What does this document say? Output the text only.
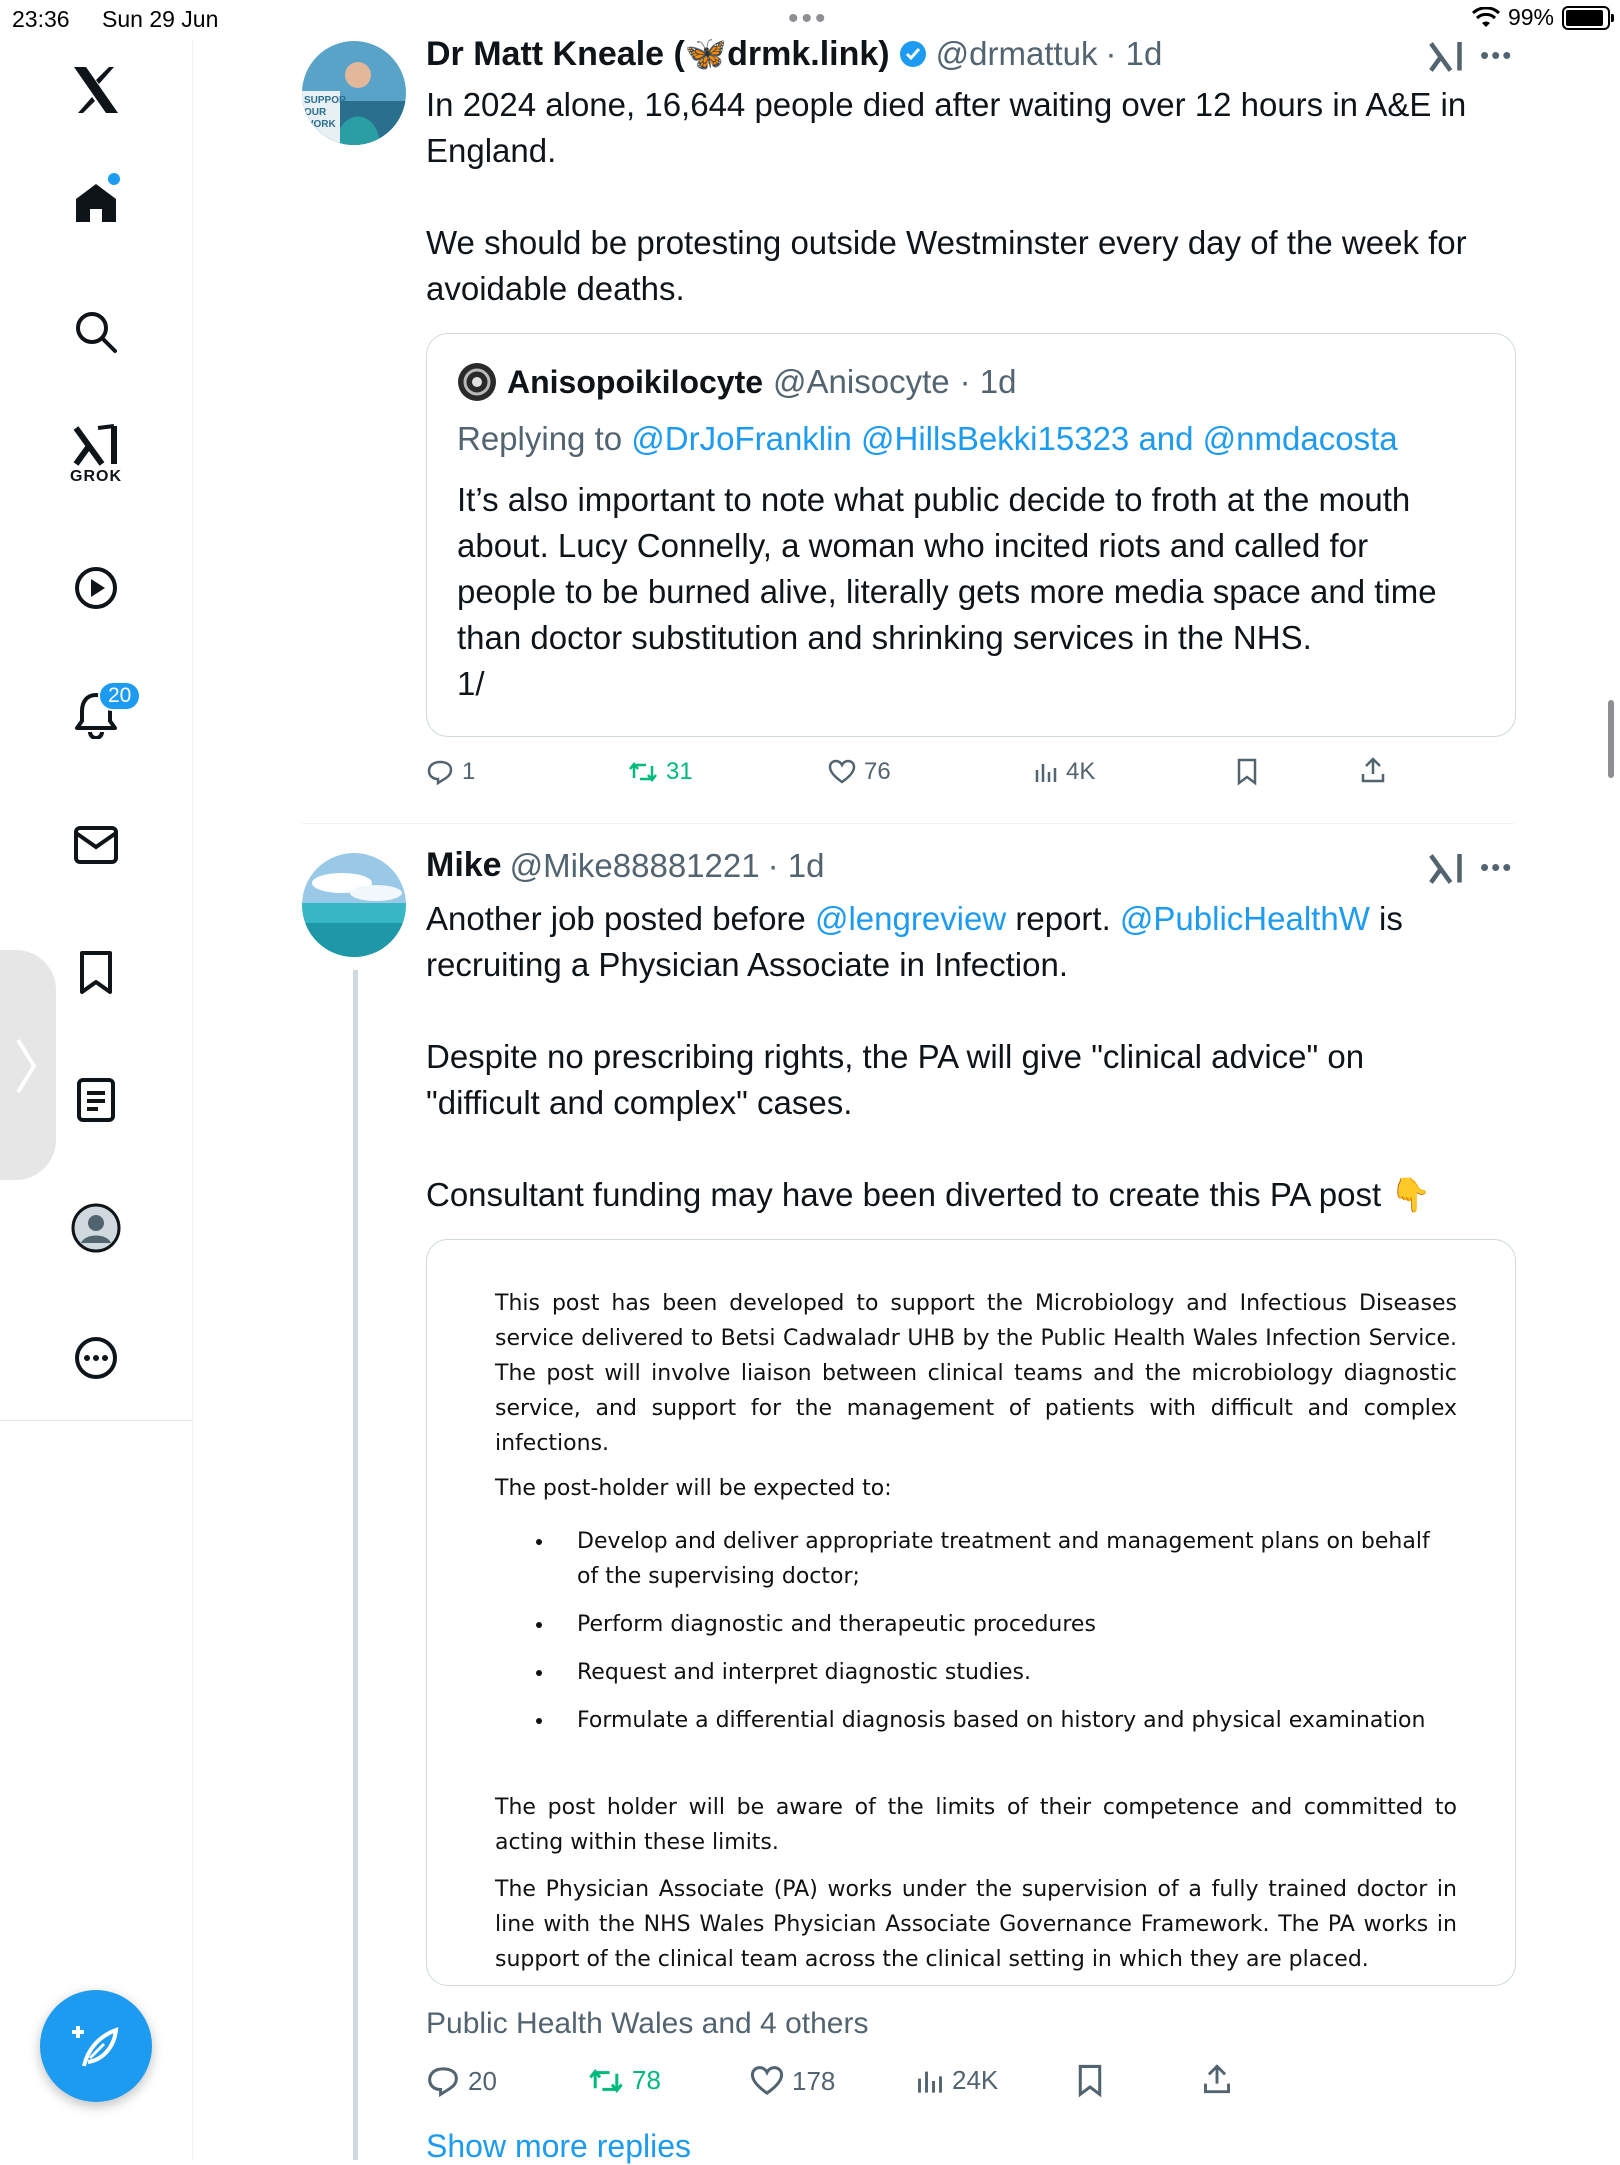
23:36 Sun 29 Jun	•••	99%
GROK
20
SUPPOR
OUR
WORK
Dr Matt Kneale (🦋drmk.link) @drmattuk · 1d	•••
In 2024 alone, 16,644 people died after waiting over 12 hours in A&E in
England.

We should be protesting outside Westminster every day of the week for
avoidable deaths.
Anisopoikilocyte @Anisocyte · 1d
Replying to @DrJoFranklin @HillsBekki15323 and @nmdacosta
It’s also important to note what public decide to froth at the mouth
about. Lucy Connelly, a woman who incited riots and called for
people to be burned alive, literally gets more media space and time
than doctor substitution and shrinking services in the NHS.
1/
1	31	76	4K
Mike @Mike88881221 · 1d	•••
Another job posted before @lengreview report. @PublicHealthW is
recruiting a Physician Associate in Infection.

Despite no prescribing rights, the PA will give "clinical advice" on
"difficult and complex" cases.

Consultant funding may have been diverted to create this PA post 👇

This post has been developed to support the Microbiology and Infectious Diseases service delivered to Betsi Cadwaladr UHB by the Public Health Wales Infection Service. The post will involve liaison between clinical teams and the microbiology diagnostic service, and support for the management of patients with difficult and complex infections.

The post-holder will be expected to:

• Develop and deliver appropriate treatment and management plans on behalf of the supervising doctor;
• Perform diagnostic and therapeutic procedures
• Request and interpret diagnostic studies.
• Formulate a differential diagnosis based on history and physical examination

The post holder will be aware of the limits of their competence and committed to acting within these limits.

The Physician Associate (PA) works under the supervision of a fully trained doctor in line with the NHS Wales Physician Associate Governance Framework. The PA works in support of the clinical team across the clinical setting in which they are placed.

Public Health Wales and 4 others
20	78	178	24K
Show more replies
